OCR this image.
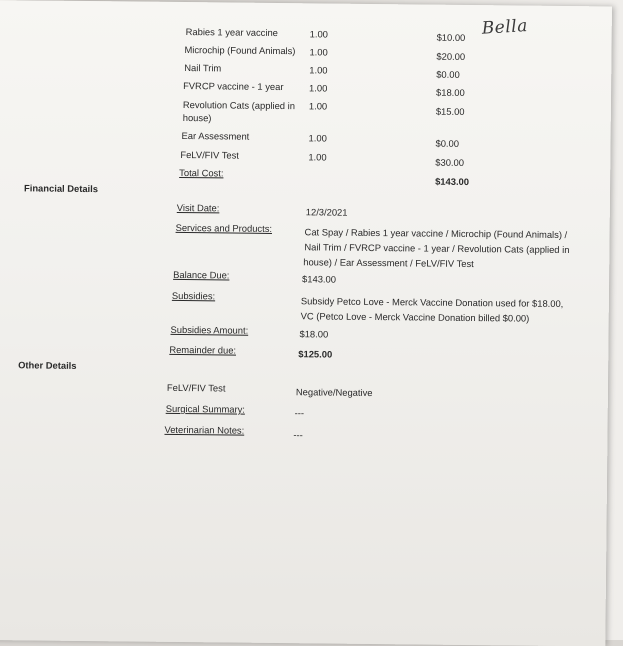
Bella
Rabies 1 year vaccine	1.00	$10.00
Microchip (Found Animals) 1.00	$20.00
Nail Trim	1.00	$0.00
FVRCP vaccine - 1 year	1.00	$18.00
Revolution Cats (applied in
house)
1.00	$15.00
Ear Assessment	1.00	$0.00
FeLV/FIV Test	1.00	$30.00
Total Cost:
$143.00
Financial Details
Visit Date:	12/3/2021
Services and Products:	Cat Spay / Rabies 1 year vaccine / Microchip (Found Animals) /
Nail Trim / FVRCP vaccine - 1 year / Revolution Cats (applied in
house) / Ear Assessment / FeLV/FIV Test
Balance Due:	$143.00
Subsidies:	Subsidy Petco Love - Merck Vaccine Donation used for $18.00,
VC (Petco Love - Merck Vaccine Donation billed $0.00)
Subsidies Amount:	$18.00
Remainder due:	$125.00
Other Details
FeLV/FIV Test	Negative/Negative
Surgical Summary:	---
Veterinarian Notes:	---
